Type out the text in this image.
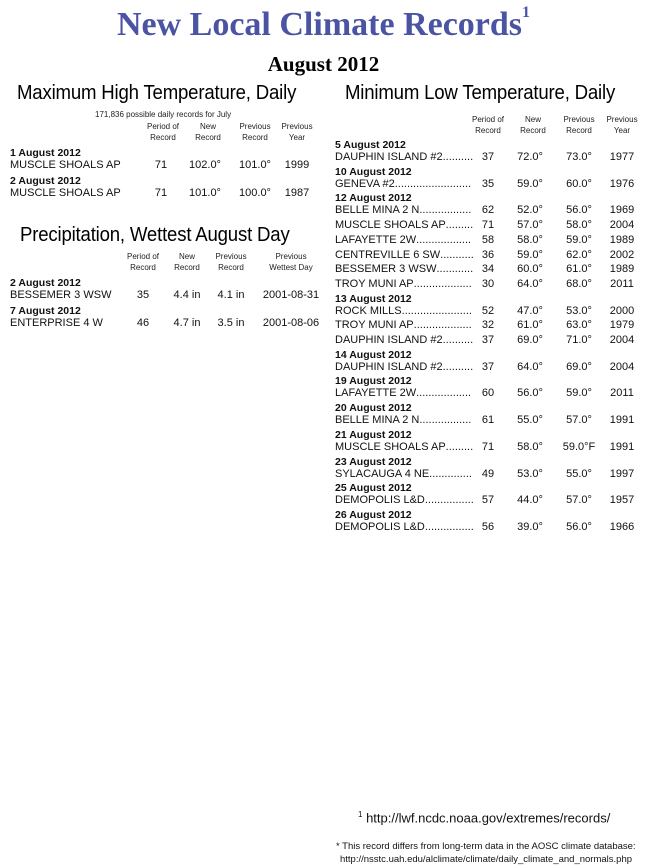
New Local Climate Records$^1$
August 2012
Maximum High Temperature, Daily
171,836 possible daily records for July
Precipitation, Wettest August Day
Minimum Low Temperature, Daily
Period of
Record
New
Record
Previous
Record
Previous
Year
1 August 2012
MUSCLE SHOALS AP	71	102.0°	101.0°	1999
2 August 2012
MUSCLE SHOALS AP	71	101.0°	100.0°	1987
Period of
Record
New
Record
Previous
Record
Previous
Wettest Day
2 August 2012
BESSEMER 3 WSW	35	4.4 in	4.1 in	2001-08-31
7 August 2012
ENTERPRISE 4 W	46	4.7 in	3.5 in	2001-08-06
Period of
Record
New
Record
Previous
Record
Previous
Year
5 August 2012
DAUPHIN ISLAND #2 .......... 37	72.0°	73.0°	1977
10 August 2012
GENEVA #2 ......................... 35	59.0°	60.0°	1976
12 August 2012
BELLE MINA 2 N ................. 62	52.0°	56.0°	1969
MUSCLE SHOALS AP ......... 71	57.0°	58.0°	2004
LAFAYETTE 2W .................. 58	58.0°	59.0°	1989
CENTREVILLE 6 SW ........... 36	59.0°	62.0°	2002
BESSEMER 3 WSW ............ 34	60.0°	61.0°	1989
TROY MUNI AP ................... 30	64.0°	68.0°	2011
13 August 2012
ROCK MILLS ....................... 52	47.0°	53.0°	2000
TROY MUNI AP ................... 32	61.0°	63.0°	1979
DAUPHIN ISLAND #2 .......... 37	69.0°	71.0°	2004
14 August 2012
DAUPHIN ISLAND #2 .......... 37	64.0°	69.0°	2004
19 August 2012
LAFAYETTE 2W .................. 60	56.0°	59.0°	2011
20 August 2012
BELLE MINA 2 N ................. 61	55.0°	57.0°	1991
21 August 2012
MUSCLE SHOALS AP ......... 71	58.0°	59.0°F	1991
23 August 2012
SYLACAUGA 4 NE .............. 49	53.0°	55.0°	1997
25 August 2012
DEMOPOLIS L&D ................ 57	44.0°	57.0°	1957
26 August 2012
DEMOPOLIS L&D ................ 56	39.0°	56.0°	1966
$^1$ http://lwf.ncdc.noaa.gov/extremes/records/
* This record differs from long-term data in the AOSC climate database:
http://nsstc.uah.edu/alclimate/climate/daily_climate_and_normals.php
